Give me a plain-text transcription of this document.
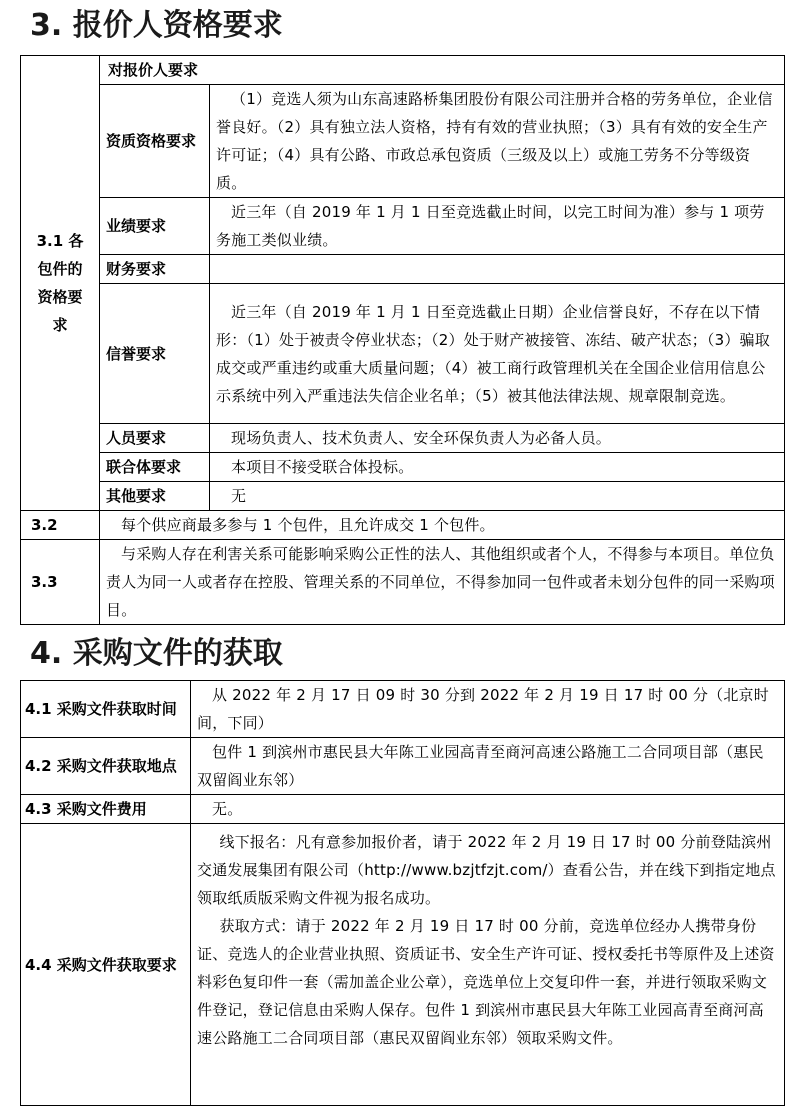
3. 报价人资格要求
3.1 各包件的资格要求	对报价人要求	
	资质资格要求	（1）竞选人须为山东高速路桥集团股份有限公司注册并合格的劳务单位，企业信誉良好。（2）具有独立法人资格，持有有效的营业执照；（3）具有有效的安全生产许可证；（4）具有公路、市政总承包资质（三级及以上）或施工劳务不分等级资质。
	业绩要求	近三年（自 2019 年 1 月 1 日至竞选截止时间，以完工时间为准）参与 1 项劳务施工类似业绩。
	财务要求	
	信誉要求	近三年（自 2019 年 1 月 1 日至竞选截止日期）企业信誉良好，不存在以下情形：（1）处于被责令停业状态；（2）处于财产被接管、冻结、破产状态；（3）骗取成交或严重违约或重大质量问题；（4）被工商行政管理机关在全国企业信用信息公示系统中列入严重违法失信企业名单；（5）被其他法律法规、规章限制竞选。
	人员要求	现场负责人、技术负责人、安全环保负责人为必备人员。
	联合体要求	本项目不接受联合体投标。
	其他要求	无
3.2	每个供应商最多参与 1 个包件，且允许成交 1 个包件。	
3.3	与采购人存在利害关系可能影响采购公正性的法人、其他组织或者个人，不得参与本项目。单位负责人为同一人或者存在控股、管理关系的不同单位，不得参加同一包件或者未划分包件的同一采购项目。	
4. 采购文件的获取
4.1 采购文件获取时间	从 2022 年 2 月 17 日 09 时 30 分到 2022 年 2 月 19 日 17 时 00 分（北京时间，下同）
4.2 采购文件获取地点	包件 1 到滨州市惠民县大年陈工业园高青至商河高速公路施工二合同项目部（惠民双留阎业东邻）
4.3 采购文件费用	无。
4.4 采购文件获取要求	线下报名：凡有意参加报价者，请于 2022 年 2 月 19 日 17 时 00 分前登陆滨州交通发展集团有限公司（http://www.bzjtfzjt.com/）查看公告，并在线下到指定地点领取纸质版采购文件视为报名成功。

获取方式：请于 2022 年 2 月 19 日 17 时 00 分前，竞选单位经办人携带身份证、竞选人的企业营业执照、资质证书、安全生产许可证、授权委托书等原件及上述资料彩色复印件一套（需加盖企业公章），竞选单位上交复印件一套，并进行领取采购文件登记，登记信息由采购人保存。包件 1 到滨州市惠民县大年陈工业园高青至商河高速公路施工二合同项目部（惠民双留阎业东邻）领取采购文件。
